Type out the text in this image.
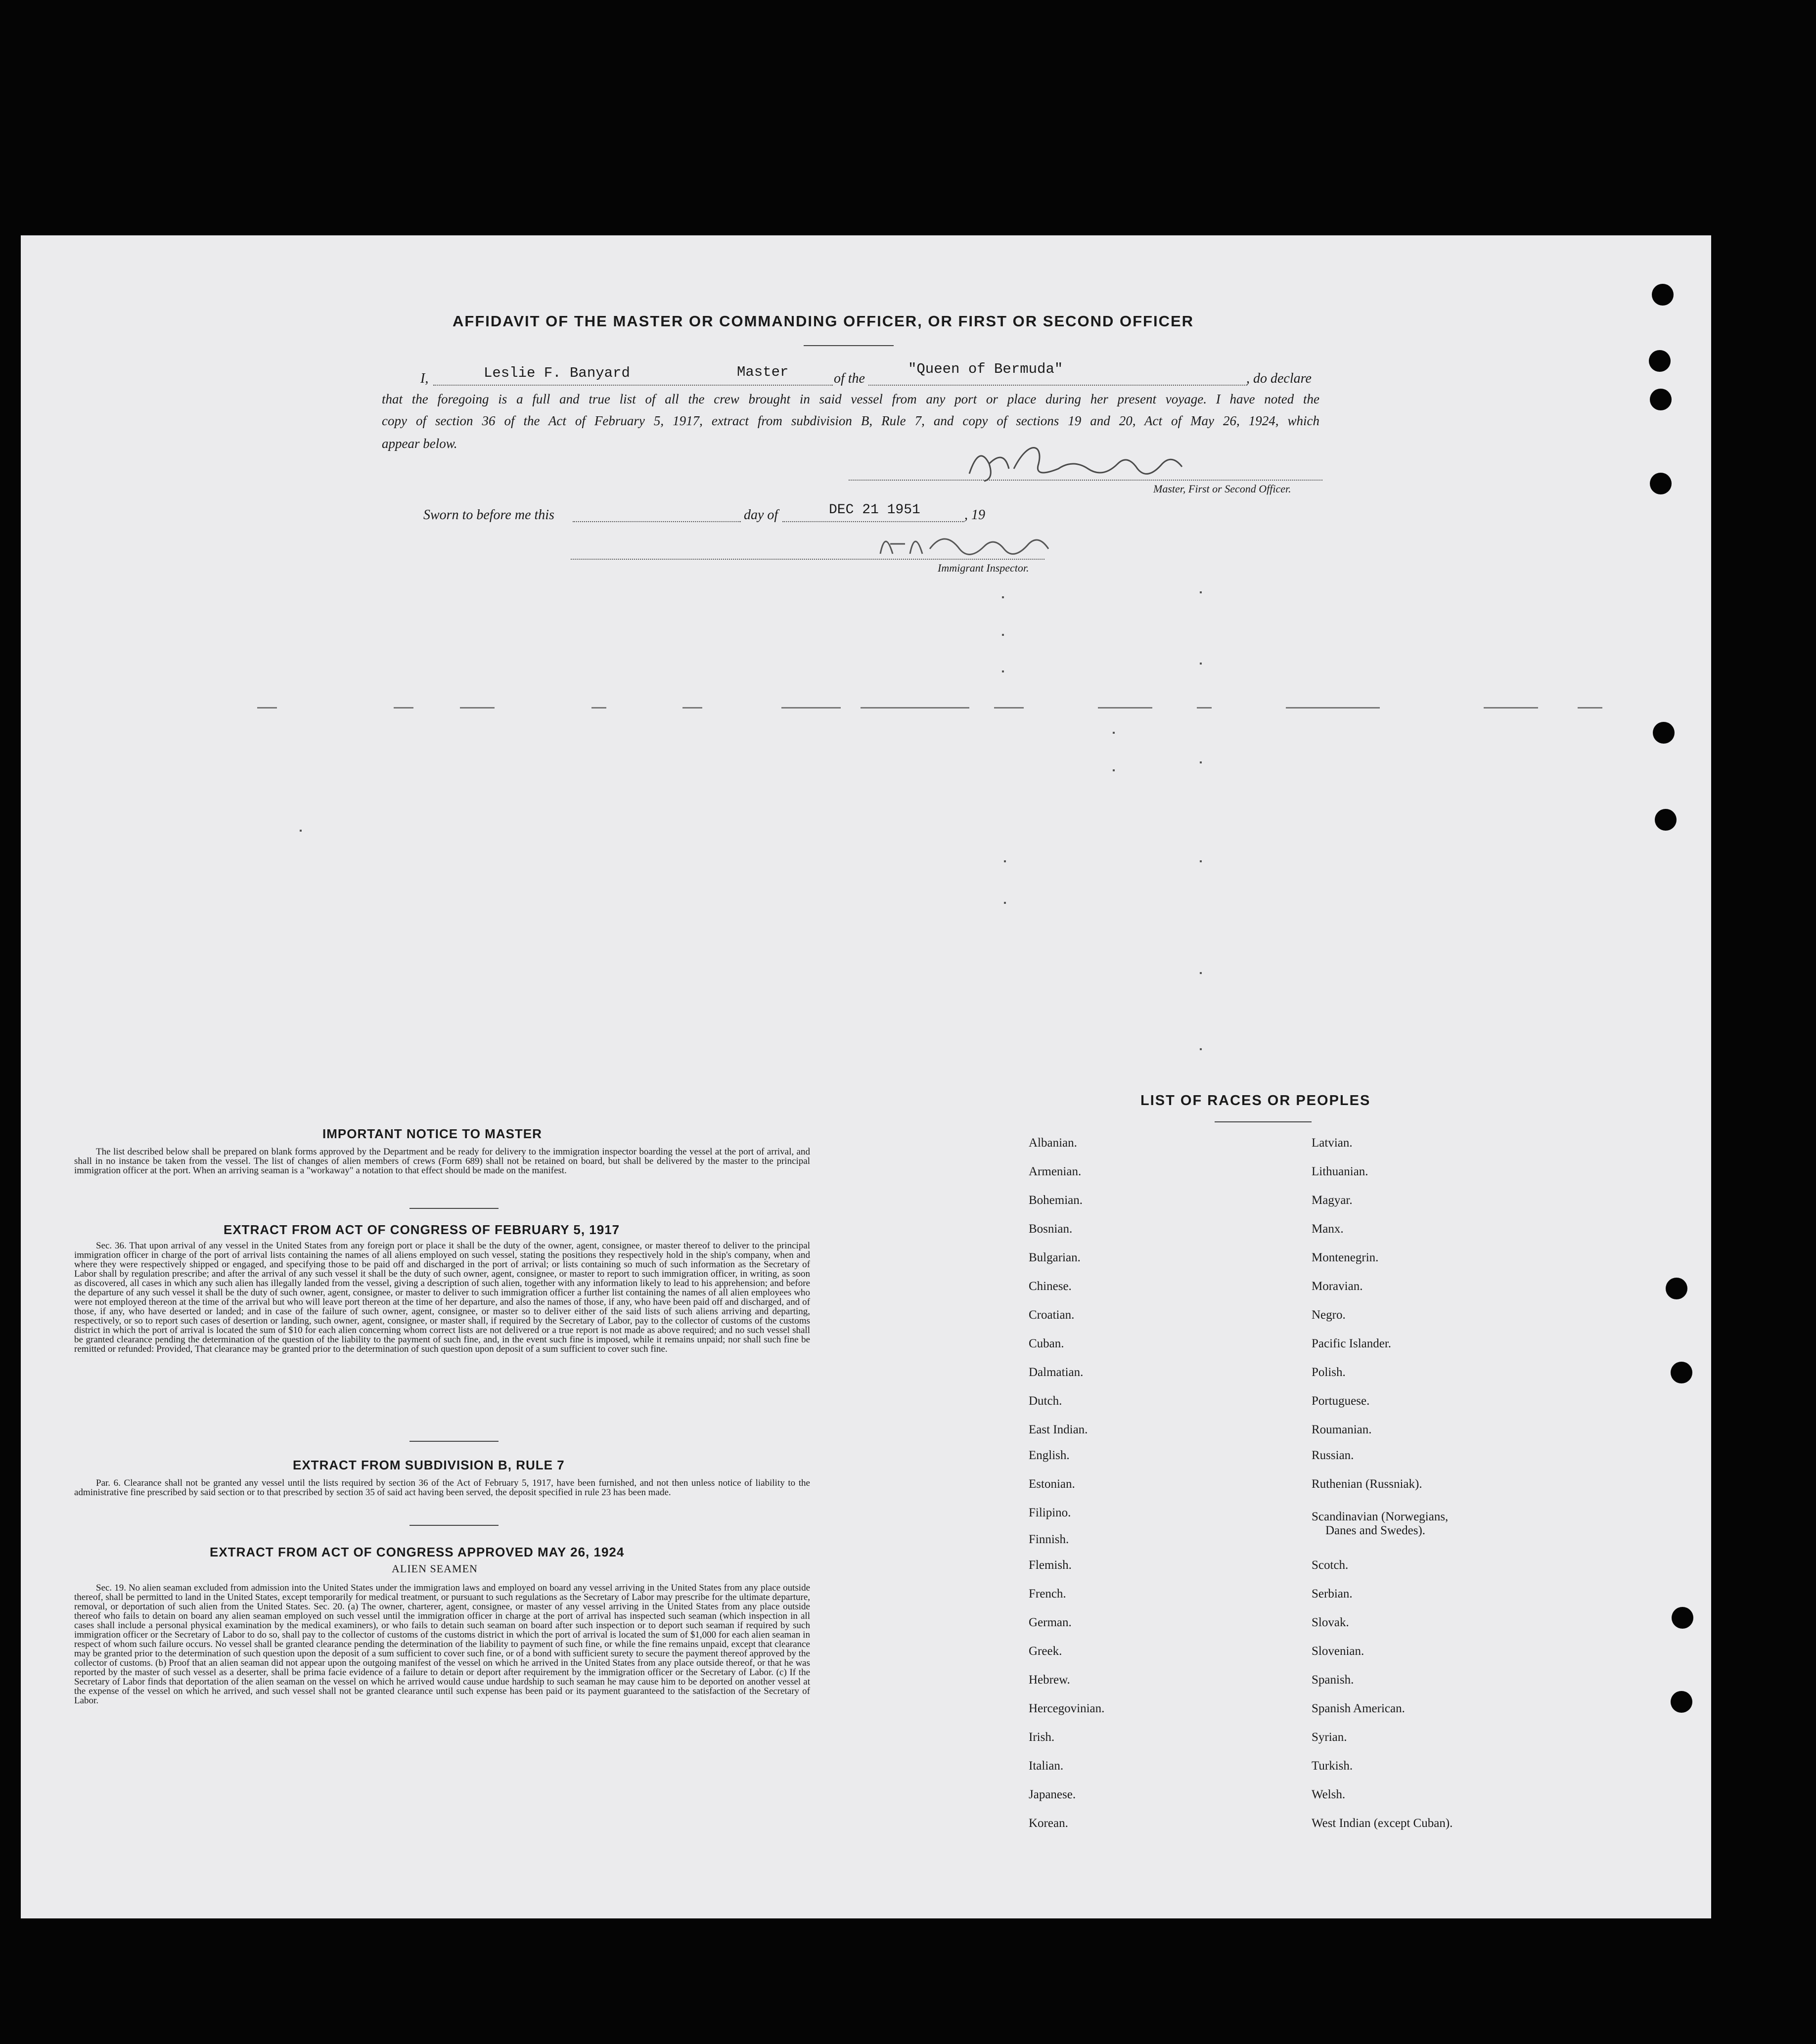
AFFIDAVIT OF THE MASTER OR COMMANDING OFFICER, OR FIRST OR SECOND OFFICER
I,	Leslie F. Banyard	Master	of the
"Queen of Bermuda"
, do declare
that the foregoing is a full and true list of all the crew brought in said vessel from any port or place during her present voyage. I have noted the
copy of section 36 of the Act of February 5, 1917, extract from subdivision B, Rule 7, and copy of sections 19 and 20, Act of May 26, 1924, which
appear below.
Master, First or Second Officer.
Sworn to before me this	day of	DEC 21 1951	, 19
Immigrant Inspector.
IMPORTANT NOTICE TO MASTER
The list described below shall be prepared on blank forms approved by the Department and be ready for delivery to the immigration inspector boarding the vessel at the port of arrival, and shall in no instance be taken from the vessel. The list of changes of alien members of crews (Form 689) shall not be retained on board, but shall be delivered by the master to the principal immigration officer at the port. When an arriving seaman is a "workaway" a notation to that effect should be made on the manifest.
EXTRACT FROM ACT OF CONGRESS OF FEBRUARY 5, 1917
Sec. 36. That upon arrival of any vessel in the United States from any foreign port or place it shall be the duty of the owner, agent, consignee, or master thereof to deliver to the principal immigration officer in charge of the port of arrival lists containing the names of all aliens employed on such vessel, stating the positions they respectively hold in the ship's company, when and where they were respectively shipped or engaged, and specifying those to be paid off and discharged in the port of arrival; or lists containing so much of such information as the Secretary of Labor shall by regulation prescribe; and after the arrival of any such vessel it shall be the duty of such owner, agent, consignee, or master to report to such immigration officer, in writing, as soon as discovered, all cases in which any such alien has illegally landed from the vessel, giving a description of such alien, together with any information likely to lead to his apprehension; and before the departure of any such vessel it shall be the duty of such owner, agent, consignee, or master to deliver to such immigration officer a further list containing the names of all alien employees who were not employed thereon at the time of the arrival but who will leave port thereon at the time of her departure, and also the names of those, if any, who have been paid off and discharged, and of those, if any, who have deserted or landed; and in case of the failure of such owner, agent, consignee, or master so to deliver either of the said lists of such aliens arriving and departing, respectively, or so to report such cases of desertion or landing, such owner, agent, consignee, or master shall, if required by the Secretary of Labor, pay to the collector of customs of the customs district in which the port of arrival is located the sum of $10 for each alien concerning whom correct lists are not delivered or a true report is not made as above required; and no such vessel shall be granted clearance pending the determination of the question of the liability to the payment of such fine, and, in the event such fine is imposed, while it remains unpaid; nor shall such fine be remitted or refunded: Provided, That clearance may be granted prior to the determination of such question upon deposit of a sum sufficient to cover such fine.
EXTRACT FROM SUBDIVISION B, RULE 7
Par. 6. Clearance shall not be granted any vessel until the lists required by section 36 of the Act of February 5, 1917, have been furnished, and not then unless notice of liability to the administrative fine prescribed by said section or to that prescribed by section 35 of said act having been served, the deposit specified in rule 23 has been made.
EXTRACT FROM ACT OF CONGRESS APPROVED MAY 26, 1924
ALIEN SEAMEN
Sec. 19. No alien seaman excluded from admission into the United States under the immigration laws and employed on board any vessel arriving in the United States from any place outside thereof, shall be permitted to land in the United States, except temporarily for medical treatment, or pursuant to such regulations as the Secretary of Labor may prescribe for the ultimate departure, removal, or deportation of such alien from the United States. Sec. 20. (a) The owner, charterer, agent, consignee, or master of any vessel arriving in the United States from any place outside thereof who fails to detain on board any alien seaman employed on such vessel until the immigration officer in charge at the port of arrival has inspected such seaman (which inspection in all cases shall include a personal physical examination by the medical examiners), or who fails to detain such seaman on board after such inspection or to deport such seaman if required by such immigration officer or the Secretary of Labor to do so, shall pay to the collector of customs of the customs district in which the port of arrival is located the sum of $1,000 for each alien seaman in respect of whom such failure occurs. No vessel shall be granted clearance pending the determination of the liability to payment of such fine, or while the fine remains unpaid, except that clearance may be granted prior to the determination of such question upon the deposit of a sum sufficient to cover such fine, or of a bond with sufficient surety to secure the payment thereof approved by the collector of customs. (b) Proof that an alien seaman did not appear upon the outgoing manifest of the vessel on which he arrived in the United States from any place outside thereof, or that he was reported by the master of such vessel as a deserter, shall be prima facie evidence of a failure to detain or deport after requirement by the immigration officer or the Secretary of Labor. (c) If the Secretary of Labor finds that deportation of the alien seaman on the vessel on which he arrived would cause undue hardship to such seaman he may cause him to be deported on another vessel at the expense of the vessel on which he arrived, and such vessel shall not be granted clearance until such expense has been paid or its payment guaranteed to the satisfaction of the Secretary of Labor.
LIST OF RACES OR PEOPLES
Albanian.
Armenian.
Bohemian.
Bosnian.
Bulgarian.
Chinese.
Croatian.
Cuban.
Dalmatian.
Dutch.
East Indian.
English.
Estonian.
Filipino.
Finnish.
Flemish.
French.
German.
Greek.
Hebrew.
Hercegovinian.
Irish.
Italian.
Japanese.
Korean.
Latvian.
Lithuanian.
Magyar.
Manx.
Montenegrin.
Moravian.
Negro.
Pacific Islander.
Polish.
Portuguese.
Roumanian.
Russian.
Ruthenian (Russniak).
Scandinavian (Norwegians,
Danes and Swedes).
Scotch.
Serbian.
Slovak.
Slovenian.
Spanish.
Spanish American.
Syrian.
Turkish.
Welsh.
West Indian (except Cuban).
